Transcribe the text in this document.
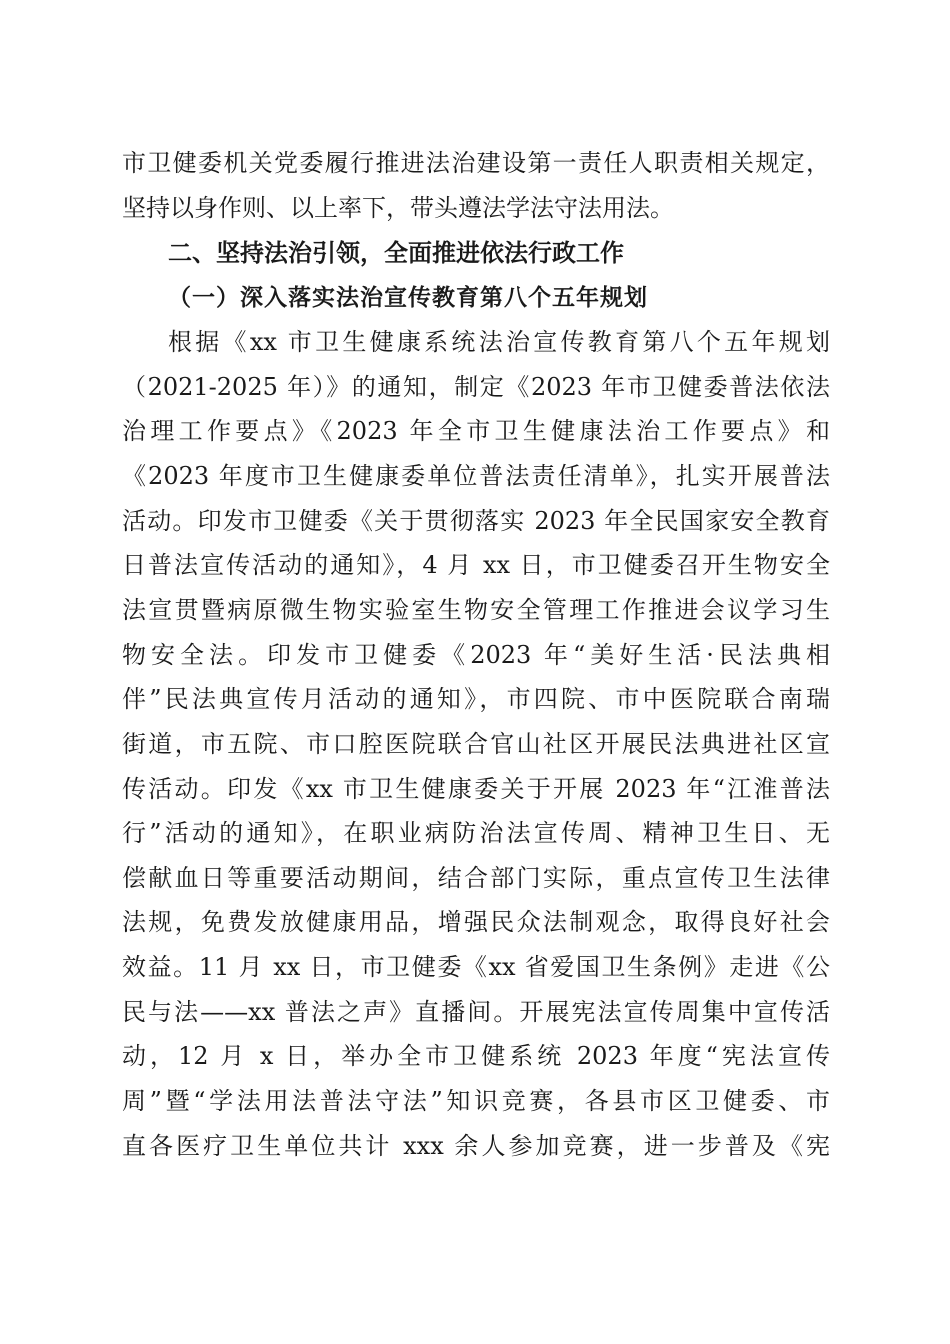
市卫健委机关党委履行推进法治建设第一责任人职责相关规定，
坚持以身作则、以上率下，带头遵法学法守法用法。
二、坚持法治引领，全面推进依法行政工作
（一）深入落实法治宣传教育第八个五年规划
根据《xx 市卫生健康系统法治宣传教育第八个五年规划
（2021-2025 年）》的通知，制定《2023 年市卫健委普法依法
治理工作要点》《2023 年全市卫生健康法治工作要点》和
《2023 年度市卫生健康委单位普法责任清单》，扎实开展普法
活动。印发市卫健委《关于贯彻落实 2023 年全民国家安全教育
日普法宣传活动的通知》，4 月 xx 日，市卫健委召开生物安全
法宣贯暨病原微生物实验室生物安全管理工作推进会议学习生
物安全法。印发市卫健委《2023 年“美好生活·民法典相
伴”民法典宣传月活动的通知》，市四院、市中医院联合南瑞
街道，市五院、市口腔医院联合官山社区开展民法典进社区宣
传活动。印发《xx 市卫生健康委关于开展 2023 年“江淮普法
行”活动的通知》，在职业病防治法宣传周、精神卫生日、无
偿献血日等重要活动期间，结合部门实际，重点宣传卫生法律
法规，免费发放健康用品，增强民众法制观念，取得良好社会
效益。11 月 xx 日，市卫健委《xx 省爱国卫生条例》走进《公
民与法——xx 普法之声》直播间。开展宪法宣传周集中宣传活
动，12 月 x 日，举办全市卫健系统 2023 年度“宪法宣传
周”暨“学法用法普法守法”知识竞赛，各县市区卫健委、市
直各医疗卫生单位共计 xxx 余人参加竞赛，进一步普及《宪
